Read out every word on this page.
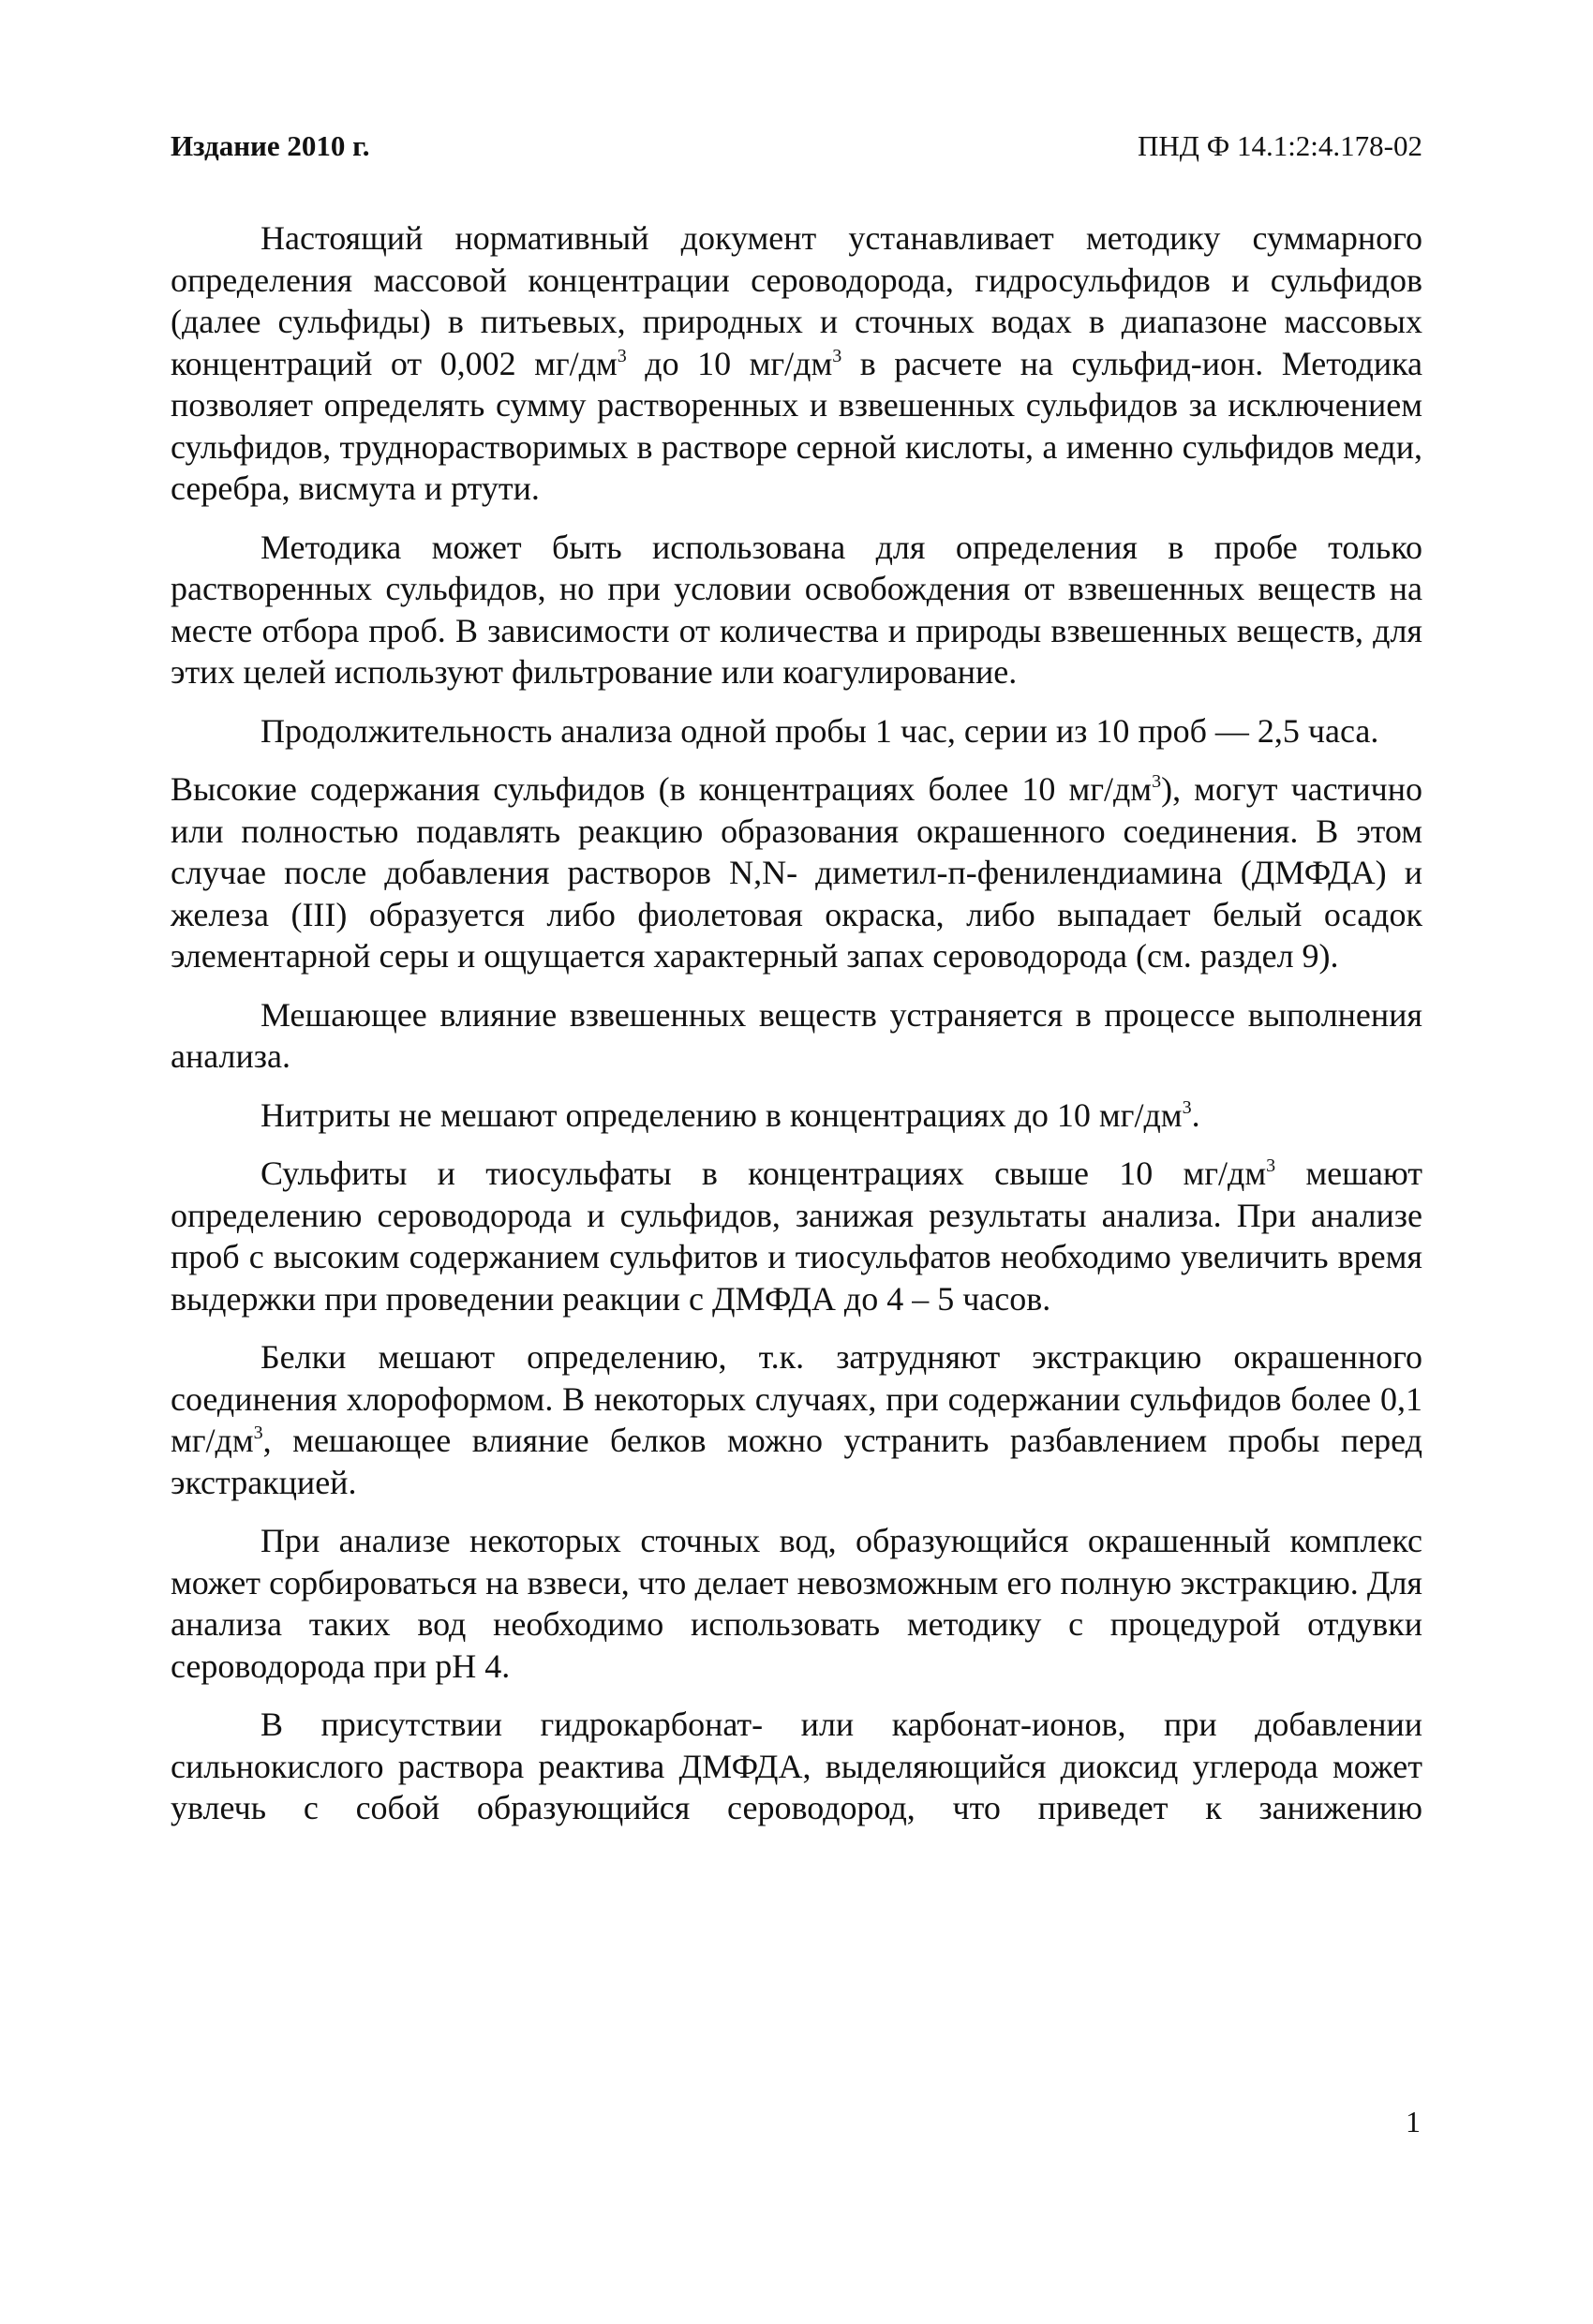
Издание 2010 г.	ПНД Ф 14.1:2:4.178-02

Настоящий нормативный документ устанавливает методику суммарного определения массовой концентрации сероводорода, гидросульфидов и сульфидов (далее сульфиды) в питьевых, природных и сточных водах в диапазоне массовых концентраций от 0,002 $мг/дм^3$ до 10 $мг/дм^3$ в расчете на сульфид-ион. Методика позволяет определять сумму растворенных и взвешенных сульфидов за исключением сульфидов, труднорастворимых в растворе серной кислоты, а именно сульфидов меди, серебра, висмута и ртути.

Методика может быть использована для определения в пробе только растворенных сульфидов, но при условии освобождения от взвешенных веществ на месте отбора проб. В зависимости от количества и природы взвешенных веществ, для этих целей используют фильтрование или коагулирование.

Продолжительность анализа одной пробы 1 час, серии из 10 проб — 2,5 часа.

Высокие содержания сульфидов (в концентрациях более 10 $мг/дм^3$), могут частично или полностью подавлять реакцию образования окрашенного соединения. В этом случае после добавления растворов N,N- диметил-п-фенилендиамина (ДМФДА) и железа (III) образуется либо фиолетовая окраска, либо выпадает белый осадок элементарной серы и ощущается характерный запах сероводорода (см. раздел 9).

Мешающее влияние взвешенных веществ устраняется в процессе выполнения анализа.

Нитриты не мешают определению в концентрациях до 10 $мг/дм^3$.

Сульфиты и тиосульфаты в концентрациях свыше 10 $мг/дм^3$ мешают определению сероводорода и сульфидов, занижая результаты анализа. При анализе проб с высоким содержанием сульфитов и тиосульфатов необходимо увеличить время выдержки при проведении реакции с ДМФДА до 4 – 5 часов.

Белки мешают определению, т.к. затрудняют экстракцию окрашенного соединения хлороформом. В некоторых случаях, при содержании сульфидов более 0,1 $мг/дм^3$, мешающее влияние белков можно устранить разбавлением пробы перед экстракцией.

При анализе некоторых сточных вод, образующийся окрашенный комплекс может сорбироваться на взвеси, что делает невозможным его полную экстракцию. Для анализа таких вод необходимо использовать методику с процедурой отдувки сероводорода при pH 4.

В присутствии гидрокарбонат- или карбонат-ионов, при добавлении сильнокислого раствора реактива ДМФДА, выделяющийся диоксид углерода может увлечь с собой образующийся сероводород, что приведет к занижению

1
